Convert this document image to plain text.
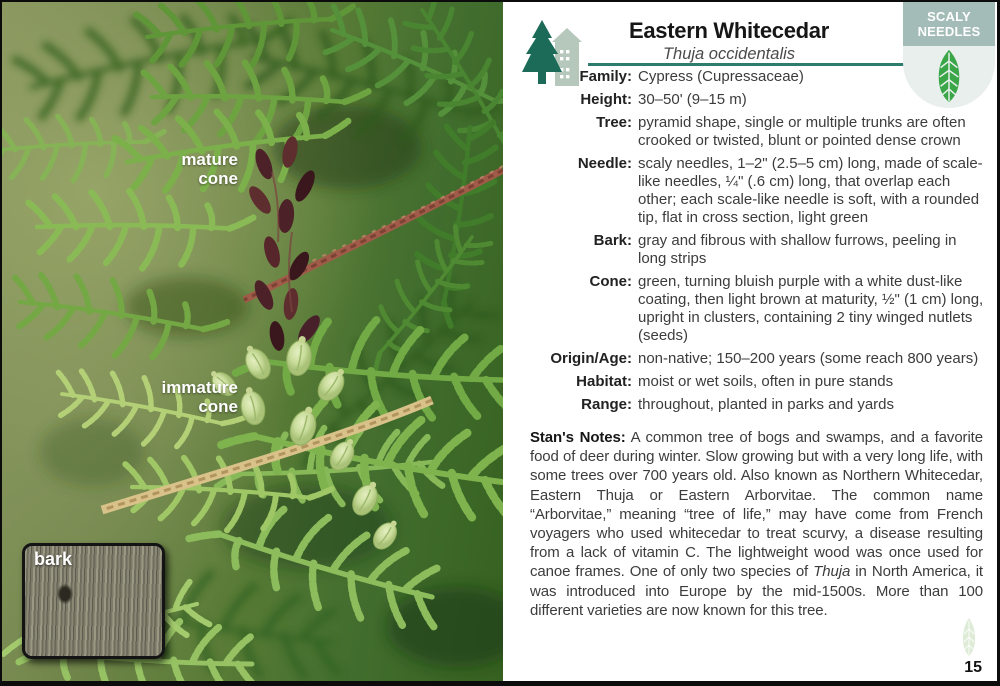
mature
cone
immature
cone
bark
Eastern Whitecedar
Thuja occidentalis
SCALY
NEEDLES
Family: Cypress (Cupressaceae)
Height: 30–50' (9–15 m)
Tree: pyramid shape, single or multiple trunks are often crooked or twisted, blunt or pointed dense crown
Needle: scaly needles, 1–2" (2.5–5 cm) long, made of scale-like needles, ¼" (.6 cm) long, that overlap each other; each scale-like needle is soft, with a rounded tip, flat in cross section, light green
Bark: gray and fibrous with shallow furrows, peeling in long strips
Cone: green, turning bluish purple with a white dust-like coating, then light brown at maturity, ½" (1 cm) long, upright in clusters, containing 2 tiny winged nutlets (seeds)
Origin/Age: non-native; 150–200 years (some reach 800 years)
Habitat: moist or wet soils, often in pure stands
Range: throughout, planted in parks and yards
Stan's Notes: A common tree of bogs and swamps, and a favorite food of deer during winter. Slow growing but with a very long life, with some trees over 700 years old. Also known as Northern Whitecedar, Eastern Thuja or Eastern Arborvitae. The common name “Arborvitae,” meaning “tree of life,” may have come from French voyagers who used whitecedar to treat scurvy, a disease resulting from a lack of vitamin C. The lightweight wood was once used for canoe frames. One of only two species of Thuja in North America, it was introduced into Europe by the mid-1500s. More than 100 different varieties are now known for this tree.
15
